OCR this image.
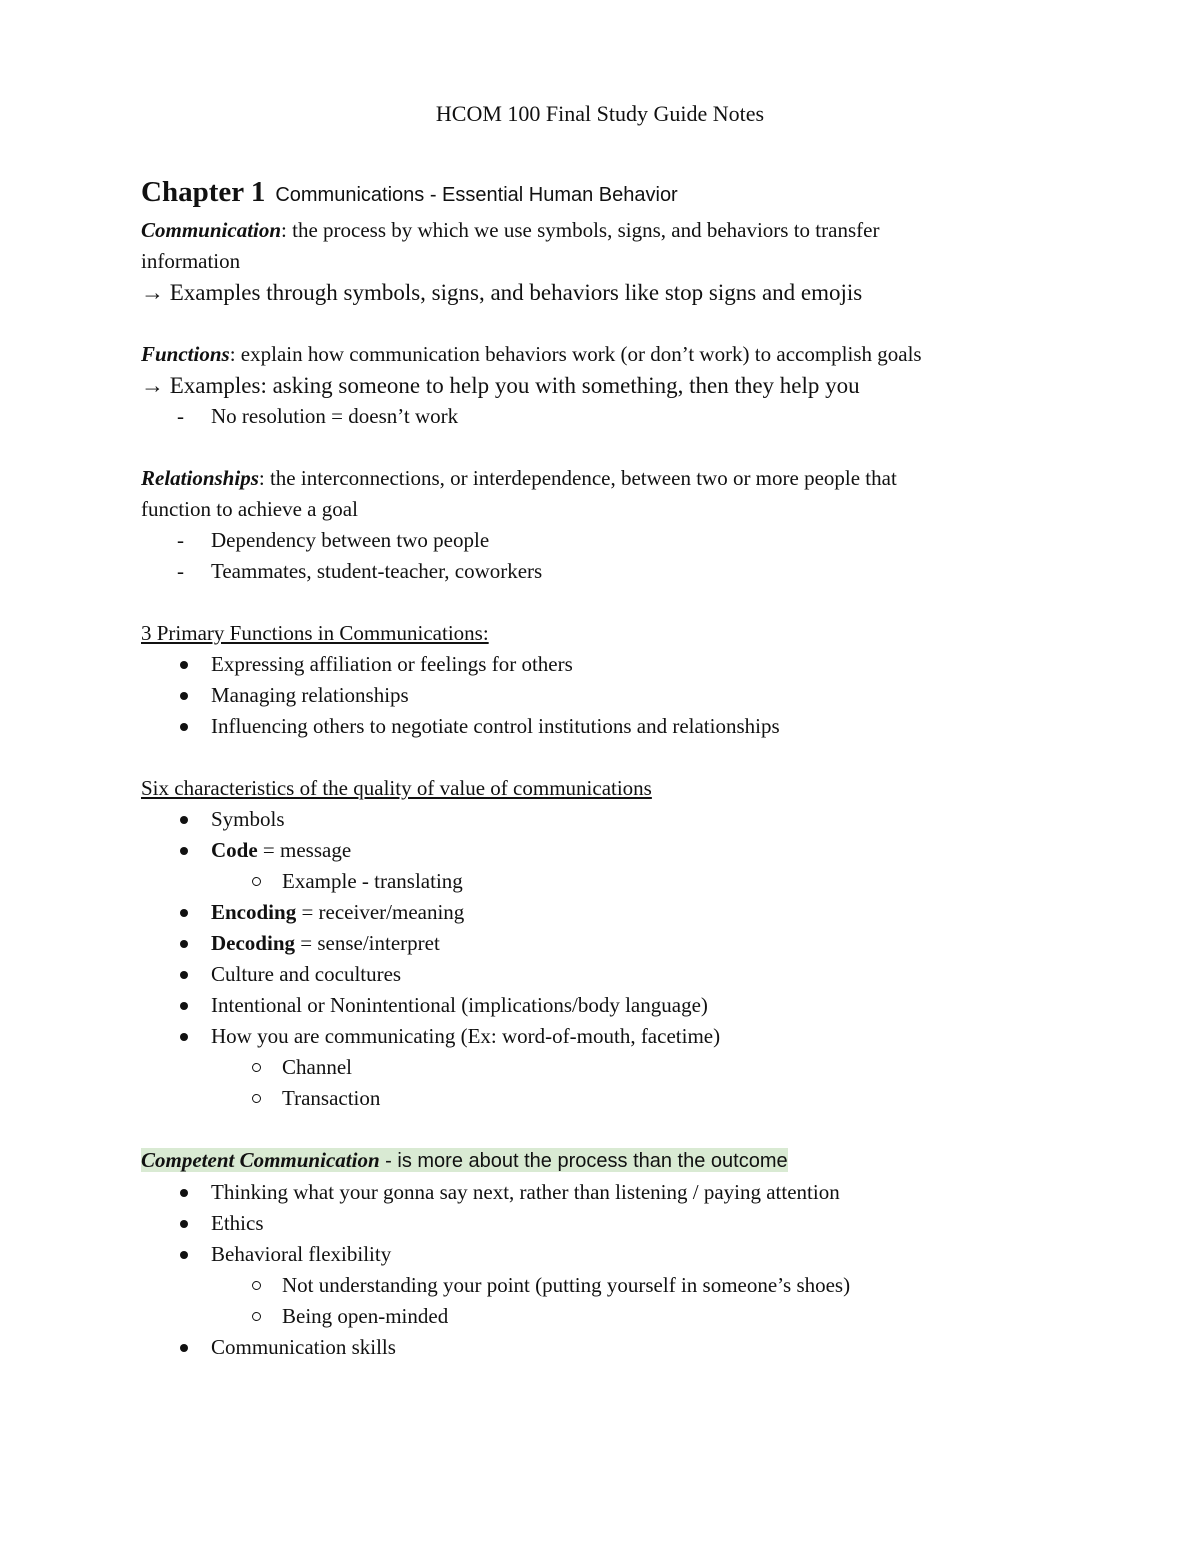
HCOM 100 Final Study Guide Notes
Chapter 1 Communications - Essential Human Behavior
Communication: the process by which we use symbols, signs, and behaviors to transfer
information
→ Examples through symbols, signs, and behaviors like stop signs and emojis
Functions: explain how communication behaviors work (or don’t work) to accomplish goals
→ Examples: asking someone to help you with something, then they help you
- No resolution = doesn’t work
Relationships: the interconnections, or interdependence, between two or more people that
function to achieve a goal
- Dependency between two people
- Teammates, student-teacher, coworkers
3 Primary Functions in Communications:
Expressing affiliation or feelings for others
Managing relationships
Influencing others to negotiate control institutions and relationships
Six characteristics of the quality of value of communications
Symbols
Code = message
Example - translating
Encoding = receiver/meaning
Decoding = sense/interpret
Culture and cocultures
Intentional or Nonintentional (implications/body language)
How you are communicating (Ex: word-of-mouth, facetime)
Channel
Transaction
Competent Communication - is more about the process than the outcome
Thinking what your gonna say next, rather than listening / paying attention
Ethics
Behavioral flexibility
Not understanding your point (putting yourself in someone’s shoes)
Being open-minded
Communication skills
